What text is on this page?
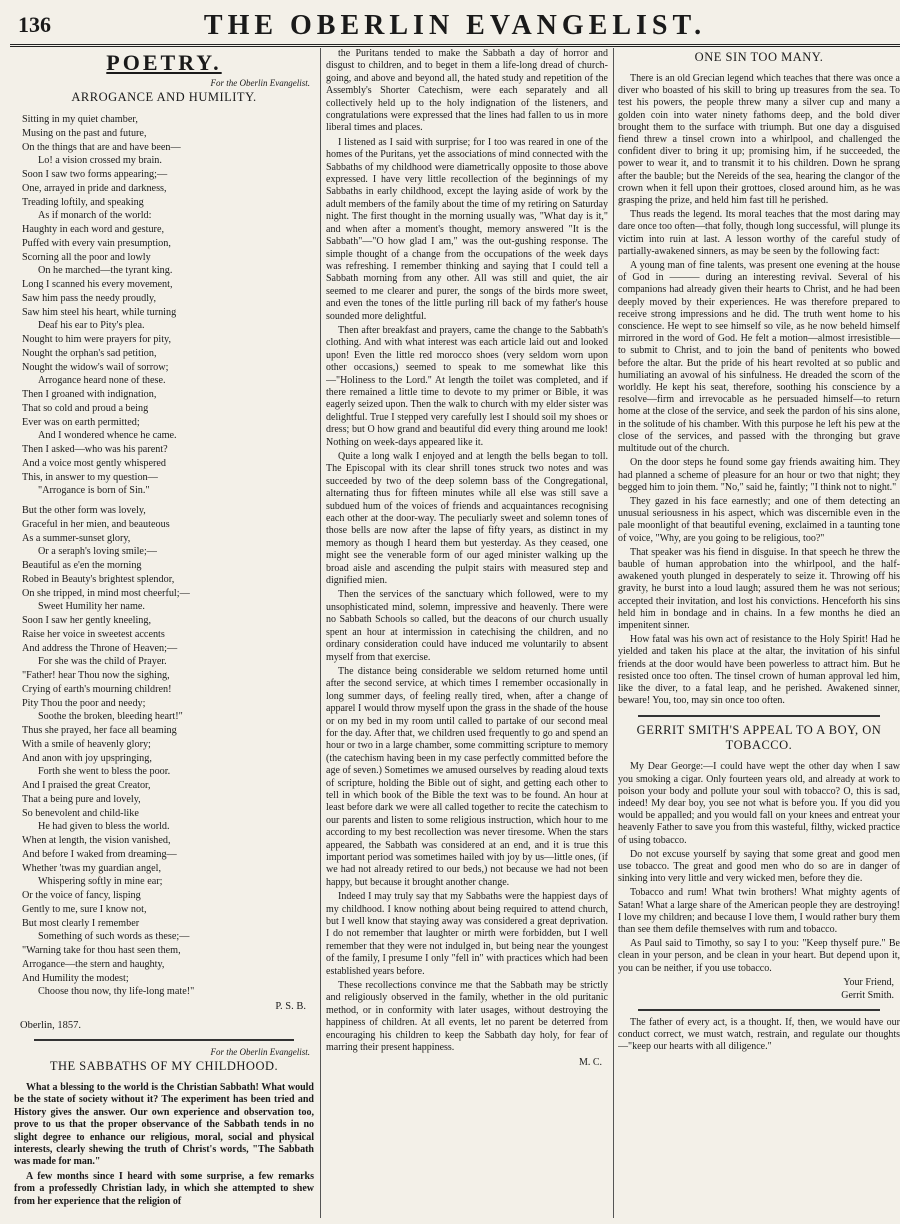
136	THE OBERLIN EVANGELIST.
POETRY.
For the Oberlin Evangelist.
ARROGANCE AND HUMILITY.
Sitting in my quiet chamber,
Musing on the past and future,
On the things that are and have been—
Lo! a vision crossed my brain.
Soon I saw two forms appearing;—
One, arrayed in pride and darkness,
Treading loftily, and speaking
As if monarch of the world:
Haughty in each word and gesture,
Puffed with every vain presumption,
Scorning all the poor and lowly
On he marched—the tyrant king.
Long I scanned his every movement,
Saw him pass the needy proudly,
Saw him steel his heart, while turning
Deaf his ear to Pity's plea.
Nought to him were prayers for pity,
Nought the orphan's sad petition,
Nought the widow's wail of sorrow;
Arrogance heard none of these.
Then I groaned with indignation,
That so cold and proud a being
Ever was on earth permitted;
And I wondered whence he came.
Then I asked—who was his parent?
And a voice most gently whispered
This, in answer to my question—
"Arrogance is born of Sin."
But the other form was lovely,
Graceful in her mien, and beauteous
As a summer-sunset glory,
Or a seraph's loving smile;—
Beautiful as e'en the morning
Robed in Beauty's brightest splendor,
On she tripped, in mind most cheerful;—
Sweet Humility her name.
Soon I saw her gently kneeling,
Raise her voice in sweetest accents
And address the Throne of Heaven;—
For she was the child of Prayer.
"Father! hear Thou now the sighing,
Crying of earth's mourning children!
Pity Thou the poor and needy;
Soothe the broken, bleeding heart!"
Thus she prayed, her face all beaming
With a smile of heavenly glory;
And anon with joy upspringing,
Forth she went to bless the poor.
And I praised the great Creator,
That a being pure and lovely,
So benevolent and child-like
He had given to bless the world.
When at length, the vision vanished,
And before I waked from dreaming—
Whether 'twas my guardian angel,
Whispering softly in mine ear;
Or the voice of fancy, lisping
Gently to me, sure I know not,
But most clearly I remember
Something of such words as these;—
"Warning take for thou hast seen them,
Arrogance—the stern and haughty,
And Humility the modest;
Choose thou now, thy life-long mate!"
P. S. B.
Oberlin, 1857.
For the Oberlin Evangelist.
THE SABBATHS OF MY CHILDHOOD.

What a blessing to the world is the Christian Sabbath! What would be the state of society without it? The experiment has been tried and History gives the answer. Our own experience and observation too, prove to us that the proper observance of the Sabbath tends in no slight degree to enhance our religious, moral, social and physical interests, clearly shewing the truth of Christ's words, "The Sabbath was made for man."

A few months since I heard with some surprise, a few remarks from a professedly Christian lady, in which she attempted to shew from her experience that the religion of

the Puritans tended to make the Sabbath a day of horror and disgust to children, and to beget in them a life-long dread of church-going, and above and beyond all, the hated study and repetition of the Assembly's Shorter Catechism, were each separately and all collectively held up to the holy indignation of the listeners, and congratulations were expressed that the lines had fallen to us in more liberal times and places.

I listened as I said with surprise; for I too was reared in one of the homes of the Puritans, yet the associations of mind connected with the Sabbaths of my childhood were diametrically opposite to those above expressed. I have very little recollection of the beginnings of my Sabbaths in early childhood, except the laying aside of work by the adult members of the family about the time of my retiring on Saturday night. The first thought in the morning usually was, "What day is it," and when after a moment's thought, memory answered "It is the Sabbath"—"O how glad I am," was the out-gushing response. The simple thought of a change from the occupations of the week days was refreshing. I remember thinking and saying that I could tell a Sabbath morning from any other. All was still and quiet, the air seemed to me clearer and purer, the songs of the birds more sweet, and even the tones of the little purling rill back of my father's house sounded more delightful.

Then after breakfast and prayers, came the change to the Sabbath's clothing. And with what interest was each article laid out and looked upon! Even the little red morocco shoes (very seldom worn upon other occasions,) seemed to speak to me somewhat like this—"Holiness to the Lord." At length the toilet was completed, and if there remained a little time to devote to my primer or Bible, it was eagerly seized upon. Then the walk to church with my elder sister was delightful. True I stepped very carefully lest I should soil my shoes or dress; but O how grand and beautiful did every thing around me look! Nothing on week-days appeared like it.

Quite a long walk I enjoyed and at length the bells began to toll. The Episcopal with its clear shrill tones struck two notes and was succeeded by two of the deep solemn bass of the Congregational, alternating thus for fifteen minutes while all else was still save a subdued hum of the voices of friends and acquaintances recognising each other at the door-way. The peculiarly sweet and solemn tones of those bells are now after the lapse of fifty years, as distinct in my memory as though I heard them but yesterday. As they ceased, one might see the venerable form of our aged minister walking up the broad aisle and ascending the pulpit stairs with measured step and dignified mien.

Then the services of the sanctuary which followed, were to my unsophisticated mind, solemn, impressive and heavenly. There were no Sabbath Schools so called, but the deacons of our church usually spent an hour at intermission in catechising the children, and no ordinary consideration could have induced me voluntarily to absent myself from that exercise.

The distance being considerable we seldom returned home until after the second service, at which times I remember occasionally in long summer days, of feeling really tired, when, after a change of apparel I would throw myself upon the grass in the shade of the house or on my bed in my room until called to partake of our second meal for the day. After that, we children used frequently to go and spend an hour or two in a large chamber, some committing scripture to memory (the catechism having been in my case perfectly committed before the age of seven.) Sometimes we amused ourselves by reading aloud texts of scripture, holding the Bible out of sight, and getting each other to tell in which book of the Bible the text was to be found. An hour at least before dark we were all called together to recite the catechism to our parents and listen to some religious instruction, which hour to me according to my best recollection was never tiresome. When the stars appeared, the Sabbath was considered at an end, and it is true this important period was sometimes hailed with joy by us—little ones, (if we had not already retired to our beds,) not because we had not been happy, but because it brought another change.

Indeed I may truly say that my Sabbaths were the happiest days of my childhood. I know nothing about being required to attend church, but I well know that staying away was considered a great deprivation. I do not remember that laughter or mirth were forbidden, but I well remember that they were not indulged in, but being near the youngest of the family, I presume I only "fell in" with practices which had been established years before.

These recollections convince me that the Sabbath may be strictly and religiously observed in the family, whether in the old puritanic method, or in conformity with later usages, without destroying the happiness of children. At all events, let no parent be deterred from encouraging his children to keep the Sabbath day holy, for fear of marring their present happiness.

M. C.
ONE SIN TOO MANY.

There is an old Grecian legend which teaches that there was once a diver who boasted of his skill to bring up treasures from the sea. To test his powers, the people threw many a silver cup and many a golden coin into water ninety fathoms deep, and the bold diver brought them to the surface with triumph. But one day a disguised fiend threw a tinsel crown into a whirlpool, and challenged the confident diver to bring it up; promising him, if he succeeded, the power to wear it, and to transmit it to his children. Down he sprang after the bauble; but the Nereids of the sea, hearing the clangor of the crown when it fell upon their grottoes, closed around him, as he was grasping the prize, and held him fast till he perished.

Thus reads the legend. Its moral teaches that the most daring may dare once too often—that folly, though long successful, will plunge its victim into ruin at last. A lesson worthy of the careful study of partially-awakened sinners, as may be seen by the following fact:

A young man of fine talents, was present one evening at the house of God in ——— during an interesting revival. Several of his companions had already given their hearts to Christ, and he had been deeply moved by their experiences. He was therefore prepared to receive strong impressions and he did. The truth went home to his conscience. He wept to see himself so vile, as he now beheld himself mirrored in the word of God. He felt a motion—almost irresistible—to submit to Christ, and to join the band of penitents who bowed before the altar. But the pride of his heart revolted at so public and humiliating an avowal of his sinfulness. He dreaded the scorn of the worldly. He kept his seat, therefore, soothing his conscience by a resolve—firm and irrevocable as he persuaded himself—to return home at the close of the service, and seek the pardon of his sins alone, in the solitude of his chamber. With this purpose he left his pew at the close of the services, and passed with the thronging but grave multitude out of the church.

On the door steps he found some gay friends awaiting him. They had planned a scheme of pleasure for an hour or two that night; they begged him to join them. "No," said he, faintly; "I think not to night."

They gazed in his face earnestly; and one of them detecting an unusual seriousness in his aspect, which was discernible even in the pale moonlight of that beautiful evening, exclaimed in a taunting tone of voice, "Why, are you going to be religious, too?"

That speaker was his fiend in disguise. In that speech he threw the bauble of human approbation into the whirlpool, and the half-awakened youth plunged in desperately to seize it. Throwing off his gravity, he burst into a loud laugh; assured them he was not serious; accepted their invitation, and lost his convictions. Henceforth his sins held him in bondage and in chains. In a few months he died an impenitent sinner.

How fatal was his own act of resistance to the Holy Spirit! Had he yielded and taken his place at the altar, the invitation of his sinful friends at the door would have been powerless to attract him. But he resisted once too often. The tinsel crown of human approval led him, like the diver, to a fatal leap, and he perished. Awakened sinner, beware! You, too, may sin once too often.

GERRIT SMITH'S APPEAL TO A BOY, ON TOBACCO.

My Dear George:—I could have wept the other day when I saw you smoking a cigar. Only fourteen years old, and already at work to poison your body and pollute your soul with tobacco? O, this is sad, indeed! My dear boy, you see not what is before you. If you did you would be appalled; and you would fall on your knees and entreat your heavenly Father to save you from this wasteful, filthy, wicked practice of using tobacco.

Do not excuse yourself by saying that some great and good men use tobacco. The great and good men who do so are in danger of sinking into very little and very wicked men, before they die.

Tobacco and rum! What twin brothers! What mighty agents of Satan! What a large share of the American people they are destroying! I love my children; and because I love them, I would rather bury them than see them defile themselves with rum and tobacco.

As Paul said to Timothy, so say I to you: "Keep thyself pure." Be clean in your person, and be clean in your heart. But depend upon it, you can be neither, if you use tobacco.

Your Friend,
Gerrit Smith.

The father of every act, is a thought. If, then, we would have our conduct correct, we must watch, restrain, and regulate our thoughts—"keep our hearts with all diligence."
